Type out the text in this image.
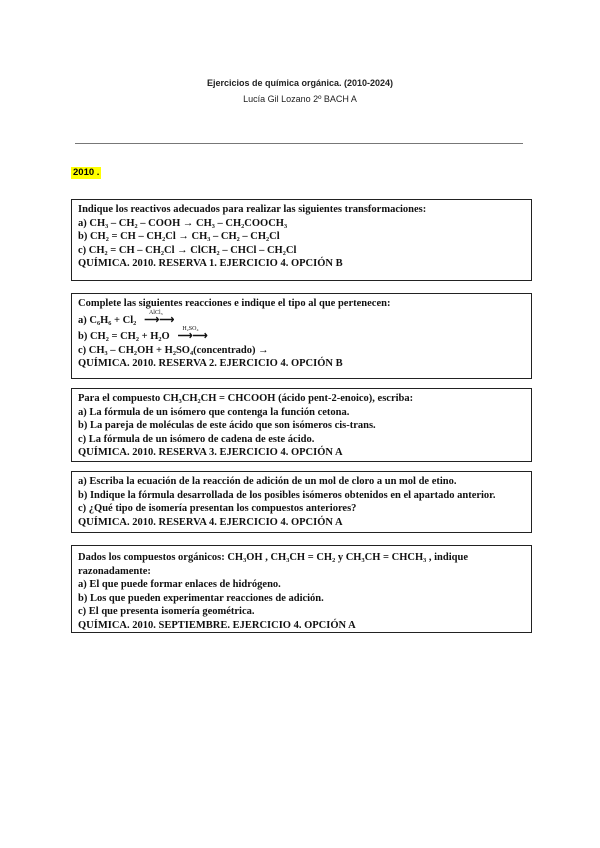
Ejercicios de química orgánica. (2010-2024)
Lucía Gil Lozano 2º BACH A
2010 .

Indique los reactivos adecuados para realizar las siguientes transformaciones:

a) CH₃ – CH₂ – COOH → CH₃ – CH₂COOCH₃

b) CH₂ = CH – CH₂Cl → CH₃ – CH₂ – CH₂Cl

c) CH₂ = CH – CH₂Cl → ClCH₂ – CHCl – CH₂Cl

QUÍMICA. 2010. RESERVA 1. EJERCICIO 4. OPCIÓN B

Complete las siguientes reacciones e indique el tipo al que pertenecen:

a) C₆H₆ + Cl₂   ⟶⟶
AlCl₃

b) CH₂ = CH₂ + H₂O   ⟶⟶
H₂SO₄

c) CH₃ – CH₂OH + H₂SO₄(concentrado) →

QUÍMICA. 2010. RESERVA 2. EJERCICIO 4. OPCIÓN B

Para el compuesto CH₃CH₂CH = CHCOOH (ácido pent-2-enoico), escriba:

a) La fórmula de un isómero que contenga la función cetona.

b) La pareja de moléculas de este ácido que son isómeros cis-trans.

c) La fórmula de un isómero de cadena de este ácido.

QUÍMICA. 2010. RESERVA 3. EJERCICIO 4. OPCIÓN A

a) Escriba la ecuación de la reacción de adición de un mol de cloro a un mol de etino.

b) Indique la fórmula desarrollada de los posibles isómeros obtenidos en el apartado anterior.

c) ¿Qué tipo de isomería presentan los compuestos anteriores?

QUÍMICA. 2010. RESERVA 4. EJERCICIO 4. OPCIÓN A

Dados los compuestos orgánicos: CH₃OH , CH₃CH = CH₂ y CH₃CH = CHCH₃ , indique

razonadamente:

a) El que puede formar enlaces de hidrógeno.

b) Los que pueden experimentar reacciones de adición.

c) El que presenta isomería geométrica.

QUÍMICA. 2010. SEPTIEMBRE. EJERCICIO 4. OPCIÓN A
